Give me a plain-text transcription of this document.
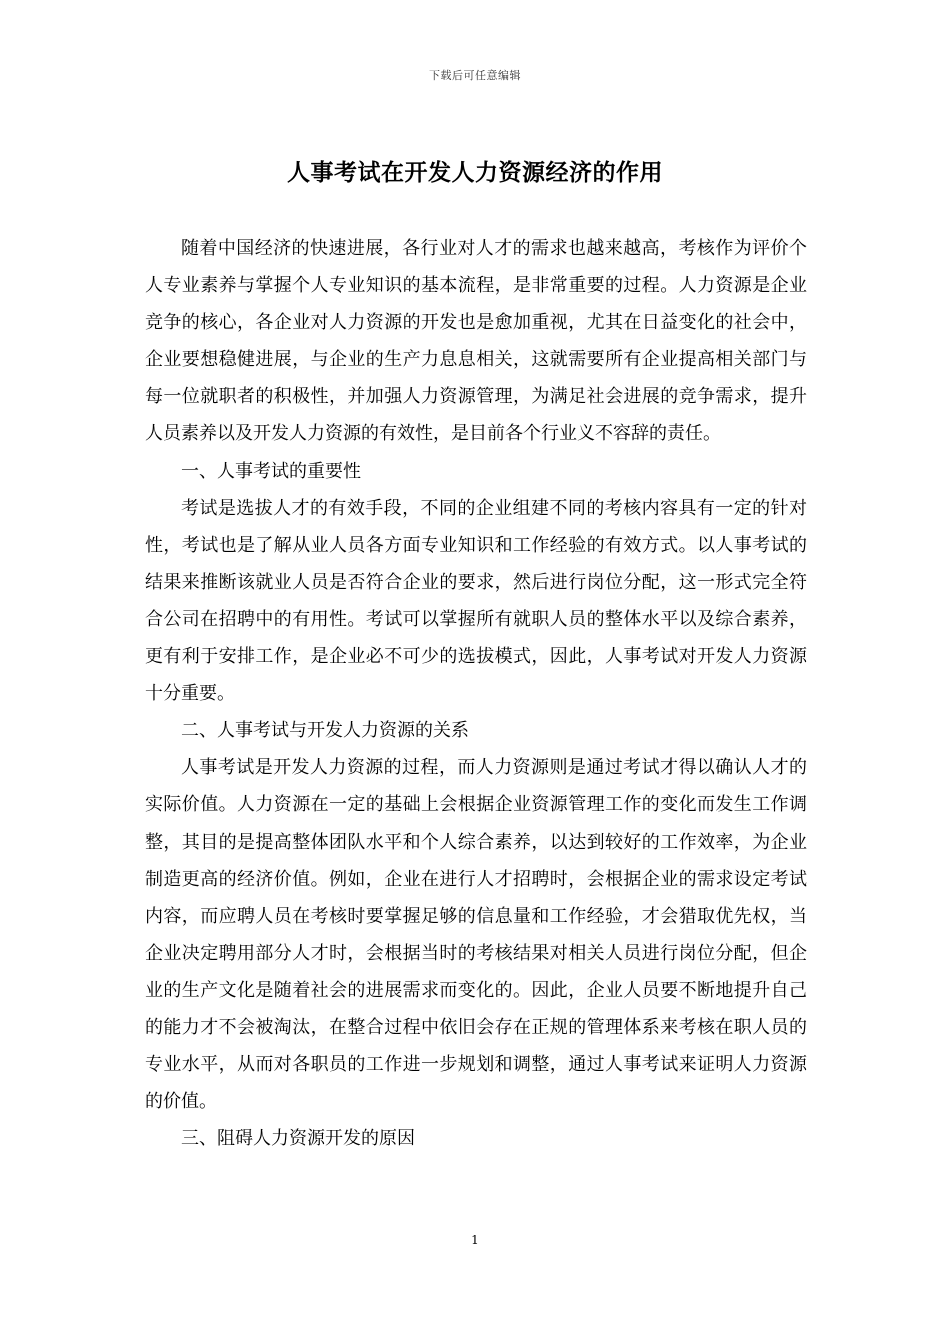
下载后可任意编辑
人事考试在开发人力资源经济的作用

随着中国经济的快速进展，各行业对人才的需求也越来越高，考核作为评价个人专业素养与掌握个人专业知识的基本流程，是非常重要的过程。人力资源是企业竞争的核心，各企业对人力资源的开发也是愈加重视，尤其在日益变化的社会中，企业要想稳健进展，与企业的生产力息息相关，这就需要所有企业提高相关部门与每一位就职者的积极性，并加强人力资源管理，为满足社会进展的竞争需求，提升人员素养以及开发人力资源的有效性，是目前各个行业义不容辞的责任。

一、人事考试的重要性

考试是选拔人才的有效手段，不同的企业组建不同的考核内容具有一定的针对性，考试也是了解从业人员各方面专业知识和工作经验的有效方式。以人事考试的结果来推断该就业人员是否符合企业的要求，然后进行岗位分配，这一形式完全符合公司在招聘中的有用性。考试可以掌握所有就职人员的整体水平以及综合素养，更有利于安排工作，是企业必不可少的选拔模式，因此，人事考试对开发人力资源十分重要。

二、人事考试与开发人力资源的关系

人事考试是开发人力资源的过程，而人力资源则是通过考试才得以确认人才的实际价值。人力资源在一定的基础上会根据企业资源管理工作的变化而发生工作调整，其目的是提高整体团队水平和个人综合素养，以达到较好的工作效率，为企业制造更高的经济价值。例如，企业在进行人才招聘时，会根据企业的需求设定考试内容，而应聘人员在考核时要掌握足够的信息量和工作经验，才会猎取优先权，当企业决定聘用部分人才时，会根据当时的考核结果对相关人员进行岗位分配，但企业的生产文化是随着社会的进展需求而变化的。因此，企业人员要不断地提升自己的能力才不会被淘汰，在整合过程中依旧会存在正规的管理体系来考核在职人员的专业水平，从而对各职员的工作进一步规划和调整，通过人事考试来证明人力资源的价值。

三、阻碍人力资源开发的原因

1
